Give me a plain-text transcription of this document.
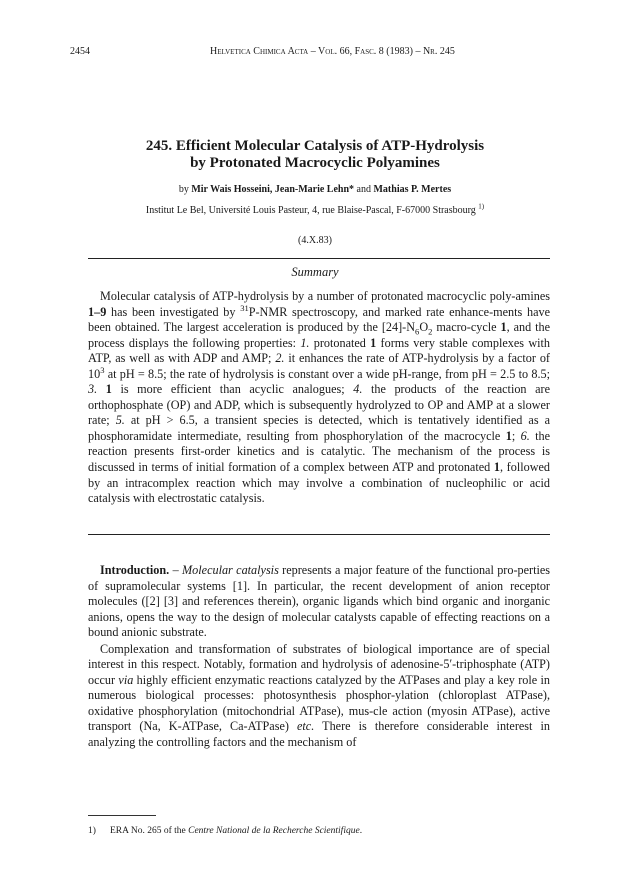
2454	Helvetica Chimica Acta – Vol. 66, Fasc. 8 (1983) – Nr. 245
245. Efficient Molecular Catalysis of ATP-Hydrolysis
by Protonated Macrocyclic Polyamines
by Mir Wais Hosseini, Jean-Marie Lehn* and Mathias P. Mertes
Institut Le Bel, Université Louis Pasteur, 4, rue Blaise-Pascal, F-67000 Strasbourg $^{1)}$
(4.X.83)
Summary

Molecular catalysis of ATP-hydrolysis by a number of protonated macrocyclic poly-amines 1–9 has been investigated by $^{31}$P-NMR spectroscopy, and marked rate enhance-ments have been obtained. The largest acceleration is produced by the $[24]-N_6O_2$ macro-cycle 1, and the process displays the following properties: 1. protonated 1 forms very stable complexes with ATP, as well as with ADP and AMP; 2. it enhances the rate of ATP-hydrolysis by a factor of $10^3$ at pH = 8.5; the rate of hydrolysis is constant over a wide pH-range, from pH = 2.5 to 8.5; 3. 1 is more efficient than acyclic analogues; 4. the products of the reaction are orthophosphate (OP) and ADP, which is subsequently hydrolyzed to OP and AMP at a slower rate; 5. at pH > 6.5, a transient species is detected, which is tentatively identified as a phosphoramidate intermediate, resulting from phosphorylation of the macrocycle 1; 6. the reaction presents first-order kinetics and is catalytic. The mechanism of the process is discussed in terms of initial formation of a complex between ATP and protonated 1, followed by an intracomplex reaction which may involve a combination of nucleophilic or acid catalysis with electrostatic catalysis.

Introduction. – Molecular catalysis represents a major feature of the functional pro-perties of supramolecular systems [1]. In particular, the recent development of anion receptor molecules ([2] [3] and references therein), organic ligands which bind organic and inorganic anions, opens the way to the design of molecular catalysts capable of effecting reactions on a bound anionic substrate.

Complexation and transformation of substrates of biological importance are of special interest in this respect. Notably, formation and hydrolysis of adenosine-5′-triphosphate (ATP) occur via highly efficient enzymatic reactions catalyzed by the ATPases and play a key role in numerous biological processes: photosynthesis phosphor-ylation (chloroplast ATPase), oxidative phosphorylation (mitochondrial ATPase), mus-cle action (myosin ATPase), active transport (Na, K-ATPase, Ca-ATPase) etc. There is therefore considerable interest in analyzing the controlling factors and the mechanism of

1) ERA No. 265 of the Centre National de la Recherche Scientifique.
